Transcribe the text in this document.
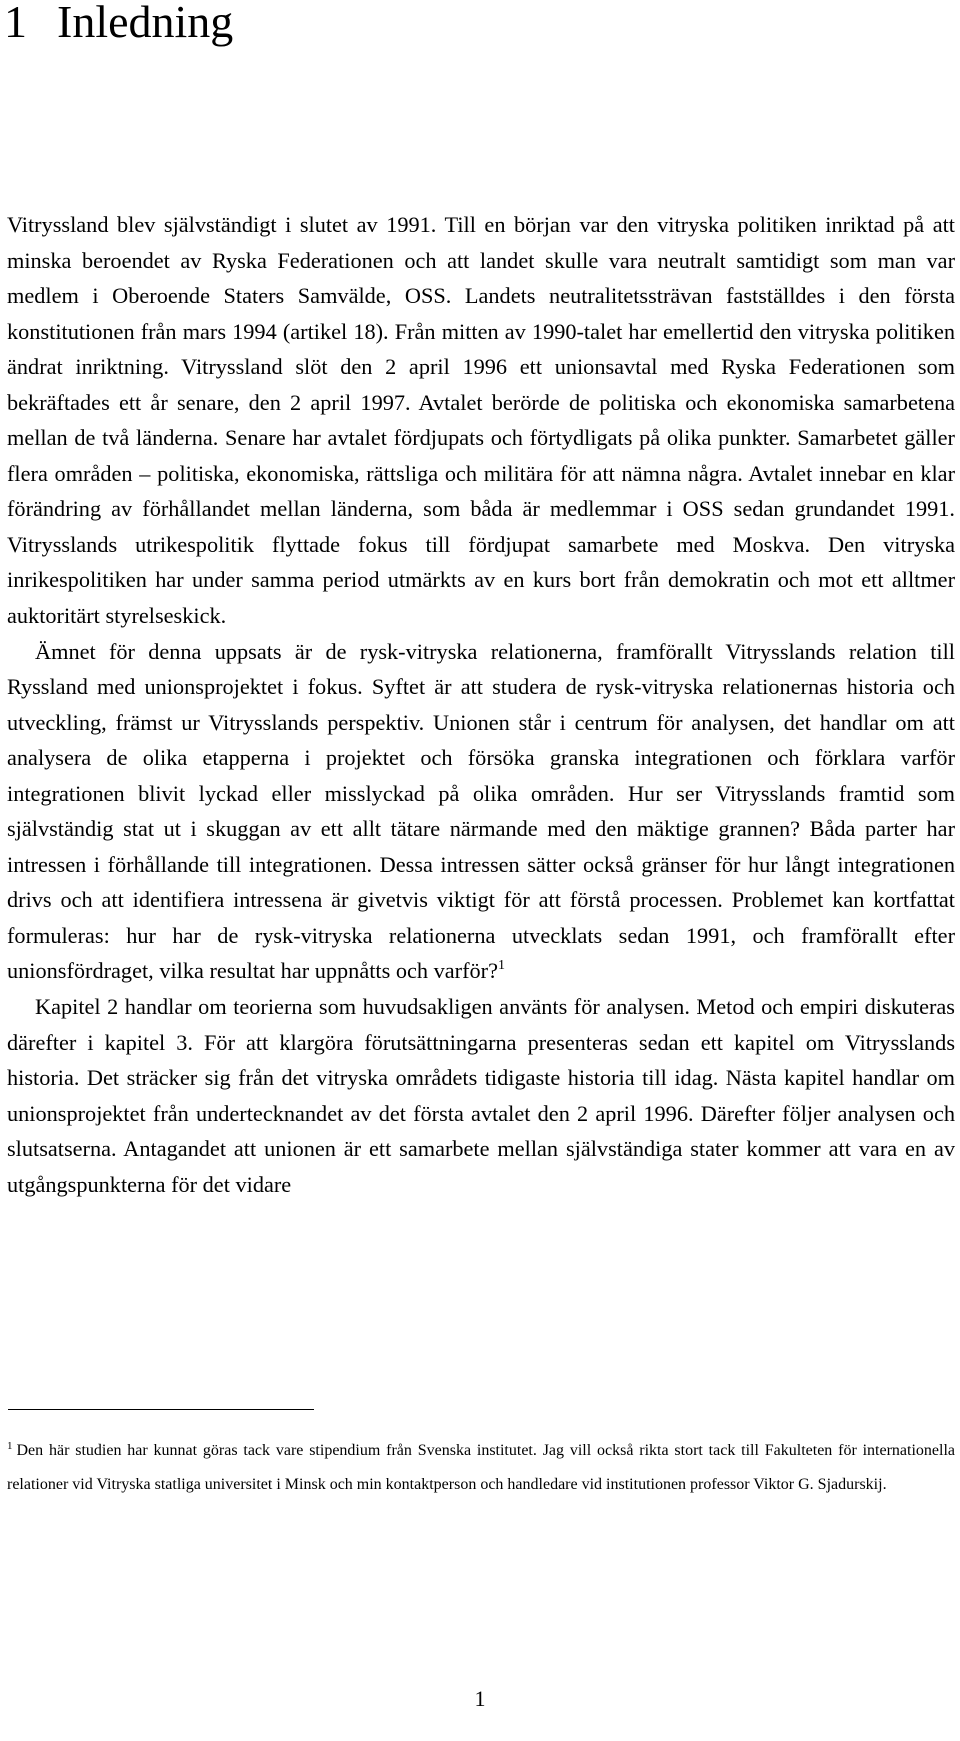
1 Inledning

Vitryssland blev självständigt i slutet av 1991. Till en början var den vitryska politiken inriktad på att minska beroendet av Ryska Federationen och att landet skulle vara neutralt samtidigt som man var medlem i Oberoende Staters Samvälde, OSS. Landets neutralitetssträvan fastställdes i den första konstitutionen från mars 1994 (artikel 18). Från mitten av 1990-talet har emellertid den vitryska politiken ändrat inriktning. Vitryssland slöt den 2 april 1996 ett unionsavtal med Ryska Federationen som bekräftades ett år senare, den 2 april 1997. Avtalet berörde de politiska och ekonomiska samarbetena mellan de två länderna. Senare har avtalet fördjupats och förtydligats på olika punkter. Samarbetet gäller flera områden – politiska, ekonomiska, rättsliga och militära för att nämna några. Avtalet innebar en klar förändring av förhållandet mellan länderna, som båda är medlemmar i OSS sedan grundandet 1991. Vitrysslands utrikespolitik flyttade fokus till fördjupat samarbete med Moskva. Den vitryska inrikespolitiken har under samma period utmärkts av en kurs bort från demokratin och mot ett alltmer auktoritärt styrelseskick.

Ämnet för denna uppsats är de rysk-vitryska relationerna, framförallt Vitrysslands relation till Ryssland med unionsprojektet i fokus. Syftet är att studera de rysk-vitryska relationernas historia och utveckling, främst ur Vitrysslands perspektiv. Unionen står i centrum för analysen, det handlar om att analysera de olika etapperna i projektet och försöka granska integrationen och förklara varför integrationen blivit lyckad eller misslyckad på olika områden. Hur ser Vitrysslands framtid som självständig stat ut i skuggan av ett allt tätare närmande med den mäktige grannen? Båda parter har intressen i förhållande till integrationen. Dessa intressen sätter också gränser för hur långt integrationen drivs och att identifiera intressena är givetvis viktigt för att förstå processen. Problemet kan kortfattat formuleras: hur har de rysk-vitryska relationerna utvecklats sedan 1991, och framförallt efter unionsfördraget, vilka resultat har uppnåtts och varför?$^1$

Kapitel 2 handlar om teorierna som huvudsakligen använts för analysen. Metod och empiri diskuteras därefter i kapitel 3. För att klargöra förutsättningarna presenteras sedan ett kapitel om Vitrysslands historia. Det sträcker sig från det vitryska områdets tidigaste historia till idag. Nästa kapitel handlar om unionsprojektet från undertecknandet av det första avtalet den 2 april 1996. Därefter följer analysen och slutsatserna. Antagandet att unionen är ett samarbete mellan självständiga stater kommer att vara en av utgångspunkterna för det vidare

$^1$ Den här studien har kunnat göras tack vare stipendium från Svenska institutet. Jag vill också rikta stort tack till Fakulteten för internationella relationer vid Vitryska statliga universitet i Minsk och min kontaktperson och handledare vid institutionen professor Viktor G. Sjadurskij.
1
